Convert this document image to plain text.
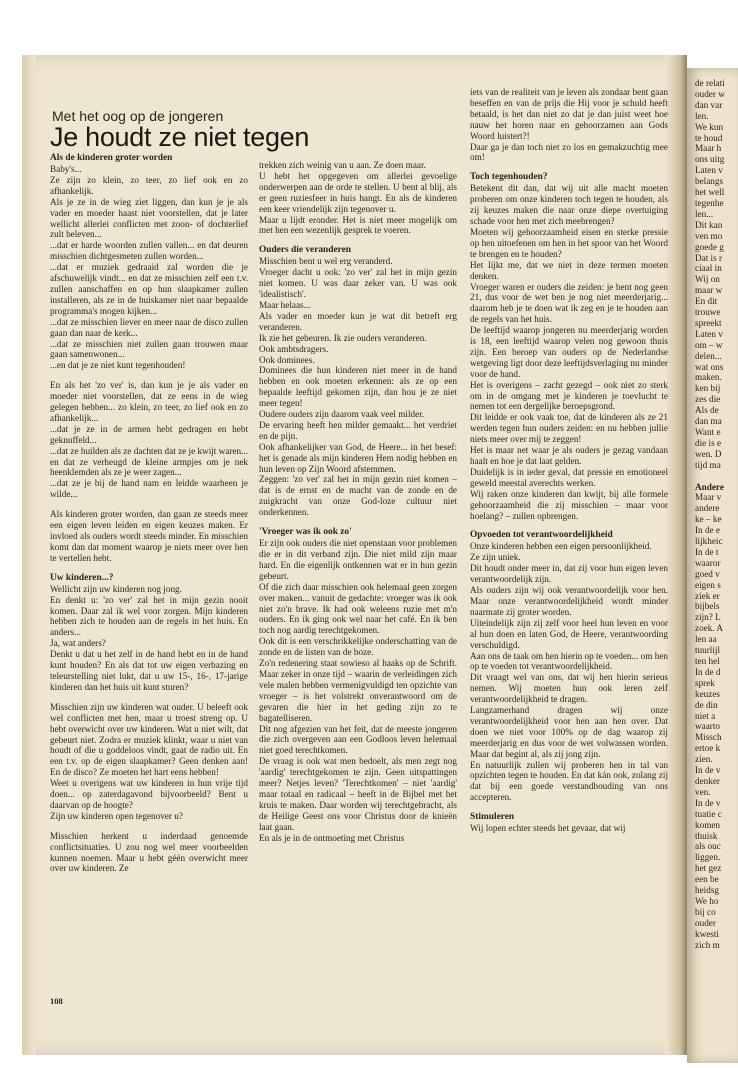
de relati
ouder w
dan var
len.
We kun
te houd
Maar h
ons uitg
Laten v
belangs
het well
tegenhe
len...
Dit kan
ven mo
goede g
Dat is r
ciaal in
Wij on
maar w
En dit
trouwe
spreekt
Laten v
om – w
delen...
wat ons
maken.
ken bij
zes die
Als de
dan ma
Want e
die is e
wen. D
tijd ma
Andere
Maar v
andere
ke – ke
In de e
lijkheic
In de t
waaror
goed v
eigen s
ziek er
bijbels
zijn? L
zoek. A
len aa
tuurlijl
ten hel
In de d
sprek
keuzes
de din
niet a
waarto
Missch
ertoe k
zien.
In de v
denker
ven.
In de v
tuatie c
komen
thuisk
als ouc
liggen.
het gez
een be
heidsg
We ho
bij co
ouder
kwesti
zich m

Met het oog op de jongeren

Je houdt ze niet tegen
Als de kinderen groter worden

Baby's...

Ze zijn zo klein, zo teer, zo lief ook en zo afhankelijk.

Als je ze in de wieg ziet liggen, dan kun je je als vader en moeder haast niet voorstellen, dat je later wellicht allerlei conflicten met zoon- of dochterlief zult beleven...

...dat er harde woorden zullen vallen... en dat deuren misschien dichtgesmeten zullen worden...

...dat er muziek gedraaid zal worden die je afschuwelijk vindt... en dat ze misschien zelf een t.v. zullen aanschaffen en op hun slaapkamer zullen installeren, als ze in de huiskamer niet naar bepaalde programma's mogen kijken...

...dat ze misschien liever en meer naar de disco zullen gaan dan naar de kerk...

...dat ze misschien niet zullen gaan trouwen maar gaan samenwonen...

...en dat je ze niet kunt tegenhouden!

En als het 'zo ver' is, dan kun je je als vader en moeder niet voorstellen, dat ze eens in de wieg gelegen hebben... zo klein, zo teer, zo lief ook en zo afhankelijk...

...dat je ze in de armen hebt gedragen en hebt geknuffeld...

...dat ze huilden als ze dachten dat ze je kwijt waren... en dat ze verheugd de kleine armpjes om je nek heenklemden als ze je weer zagen...

...dat ze je bij de hand nam en leidde waarheen je wilde...

Als kinderen groter worden, dan gaan ze steeds meer een eigen leven leiden en eigen keuzes maken. Er invloed als ouders wordt steeds minder. En misschien komt dan dat moment waarop je niets meer over hen te vertellen hebt.

Uw kinderen...?

Wellicht zijn uw kinderen nog jong.

En denkt u: 'zo ver' zal het in mijn gezin nooit komen. Daar zal ik wel voor zorgen. Mijn kinderen hebben zich te houden aan de regels in het huis. En anders...

Ja, wat anders?

Denkt u dat u het zelf in de hand hebt en in de hand kunt houden? En als dat tot uw eigen verbazing en teleurstelling niet lukt, dat u uw 15-, 16-, 17-jarige kinderen dan het huis uit kunt sturen?

Misschien zijn uw kinderen wat ouder. U beleeft ook wel conflicten met hen, maar u troest streng op. U hebt overwicht over uw kinderen. Wat u niet wilt, dat gebeurt niet. Zodra er muziek klinkt, waar u niet van houdt of die u goddeloos vindt, gaat de radio uit. En een t.v. op de eigen slaapkamer? Geen denken aan! En de disco? Ze moeten het hart eens hebben!

Weet u overigens wat uw kinderen in hun vrije tijd doen... op zaterdagavond bijvoorbeeld? Bent u daarvan op de hoogte?

Zijn uw kinderen open tegenover u?

Misschien herkent u inderdaad genoemde conflictsituaties. U zou nog wel meer voorbeelden kunnen noemen. Maar u hebt géén overwicht meer over uw kinderen. Ze

trekken zich weinig van u aan. Ze doen maar.

U hebt het opgegeven om allerlei gevoelige onderwerpen aan de orde te stellen. U bent al blij, als er geen ruziesfeer in huis hangt. En als de kinderen een keer vriendelijk zijn tegenover u.

Maar u lijdt eronder. Het is niet meer mogelijk om met hen een wezenlijk gesprek te voeren.

Ouders die veranderen

Misschien bent u wel erg veranderd.

Vroeger dacht u ook: 'zo ver' zal het in mijn gezin niet komen. U was daar zeker van. U was ook 'idealistisch'.

Maar helaas...

Als vader en moeder kun je wat dit betreft erg veranderen.

Ik zie het gebeuren. Ik zie ouders veranderen.

Ook ambtsdragers.

Ook dominees.

Dominees die hun kinderen niet meer in de hand hebben en ook moeten erkennen: als ze op een bepaalde leeftijd gekomen zijn, dan hou je ze niet meer tegen!

Oudere ouders zijn daarom vaak veel milder.

De ervaring heeft hen milder gemaakt... het verdriet en de pijn.

Ook afhankelijker van God, de Heere... in het besef: het is genade als mijn kinderen Hem nodig hebben en hun leven op Zijn Woord afstemmen.

Zeggen: 'zo ver' zal het in mijn gezin niet komen – dat is de ernst en de macht van de zonde en de zuigkracht van onze God-loze cultuur niet onderkennen.

'Vroeger was ik ook zo'

Er zijn ook ouders die niet openstaan voor problemen die er in dit verband zijn. Die niet mild zijn maar hard. En die eigenlijk ontkennen wat er in hun gezin gebeurt.

Of die zich daar misschien ook helemaal geen zorgen over maken... vanuit de gedachte: vroeger was ik ook niet zo'n brave. Ik had ook weleens ruzie met m'n ouders. En ik ging ook wel naar het café. En ik ben toch nog aardig terechtgekomen.

Ook dit is een verschrikkelijke onderschatting van de zonde en de listen van de boze.

Zo'n redenering staat sowieso al haaks op de Schrift. Maar zeker in onze tijd – waarin de verleidingen zich vele malen hebben vermenigvuldigd ten opzichte van vroeger – is het volstrekt onverantwoord om de gevaren die hier in het geding zijn zo te bagatelliseren.

Dit nog afgezien van het feit, dat de meeste jongeren die zich overgeven aan een Godloos leven helemaal niet goed terechtkomen.

De vraag is ook wat men bedoelt, als men zegt nog 'aardig' terechtgekomen te zijn. Geen uitspattingen meer? Netjes leven? 'Terechtkomen' – niet 'aardig' maar totaal en radicaal – heeft in de Bijbel met het kruis te maken. Daar worden wij terechtgebracht, als de Heilige Geest ons voor Christus door de knieën laat gaan.

En als je in de ontmoeting met Christus

iets van de realiteit van je leven als zondaar bent gaan beseffen en van de prijs die Hij voor je schuld heeft betaald, is het dan niet zo dat je dan juist weet hoe nauw het horen naar en gehoorzamen aan Gods Woord luistert?!

Daar ga je dan toch niet zo los en gemakzuchtig mee om!

Toch tegenhouden?

Betekent dit dan, dat wij uit alle macht moeten proberen om onze kinderen toch tegen te houden, als zij keuzes maken die naar onze diepe overtuiging schade voor hen met zich meebrengen?

Moeten wij gehoorzaamheid eisen en sterke pressie op hen uitoefenen om hen in het spoor van het Woord te brengen en te houden?

Het lijkt me, dat we niet in deze termen moeten denken.

Vroeger waren er ouders die zeiden: je bent nog geen 21, dus voor de wet ben je nog niet meerderjarig... daarom heb je te doen wat ik zeg en je te houden aan de regels van het huis.

De leeftijd waarop jongeren nu meerderjarig worden is 18, een leeftijd waarop velen nog gewoon thuis zijn. Een beroep van ouders op de Nederlandse wetgeving ligt door deze leeftijdsverlaging nu minder voor de hand.

Het is overigens – zacht gezegd – ook niet zo sterk om in de omgang met je kinderen je toevlucht te nemen tot een dergelijke beroepsgrond.

Dit leidde er ook vaak toe, dat de kinderen als ze 21 werden tegen hun ouders zeiden: en nu hebben jullie niets meer over mij te zeggen!

Het is maar net waar je als ouders je gezag vandaan haalt en hoe je dat laat gelden.

Duidelijk is in ieder geval, dat pressie en emotioneel geweld meestal averechts werken.

Wij raken onze kinderen dan kwijt, bij alle formele gehoorzaamheid die zij misschien – maar voor hoelang? – zullen opbrengen.

Opvoeden tot verantwoordelijkheid

Onze kinderen hebben een eigen persoonlijkheid.

Ze zijn uniek.

Dit houdt onder meer in, dat zij voor hun eigen leven verantwoordelijk zijn.

Als ouders zijn wij ook verantwoordelijk voor hen. Maar onze verantwoordelijkheid wordt minder naarmate zij groter worden.

Uiteindelijk zijn zij zelf voor heel hun leven en voor al hun doen en laten God, de Heere, verantwoording verschuldigd.

Aan ons de taak om hen hierin op te voeden... om hen op te voeden tot verantwoordelijkheid.

Dit vraagt wel van ons, dat wij hen hierin serieus nemen. Wij moeten hun ook leren zelf verantwoordelijkheid te dragen.

Langzamerhand dragen wij onze verantwoordelijkheid voor hen aan hen over. Dat doen we niet voor 100% op de dag waarop zij meerderjarig en dus voor de wet volwassen worden. Maar dat begint al, als zij jong zijn.

En natuurlijk zullen wij proberen hen in tal van opzichten tegen te houden. En dat kán ook, zolang zij dat bij een goede verstandhouding van ons accepteren.

Stimuleren

Wij lopen echter steeds het gevaar, dat wij

108
